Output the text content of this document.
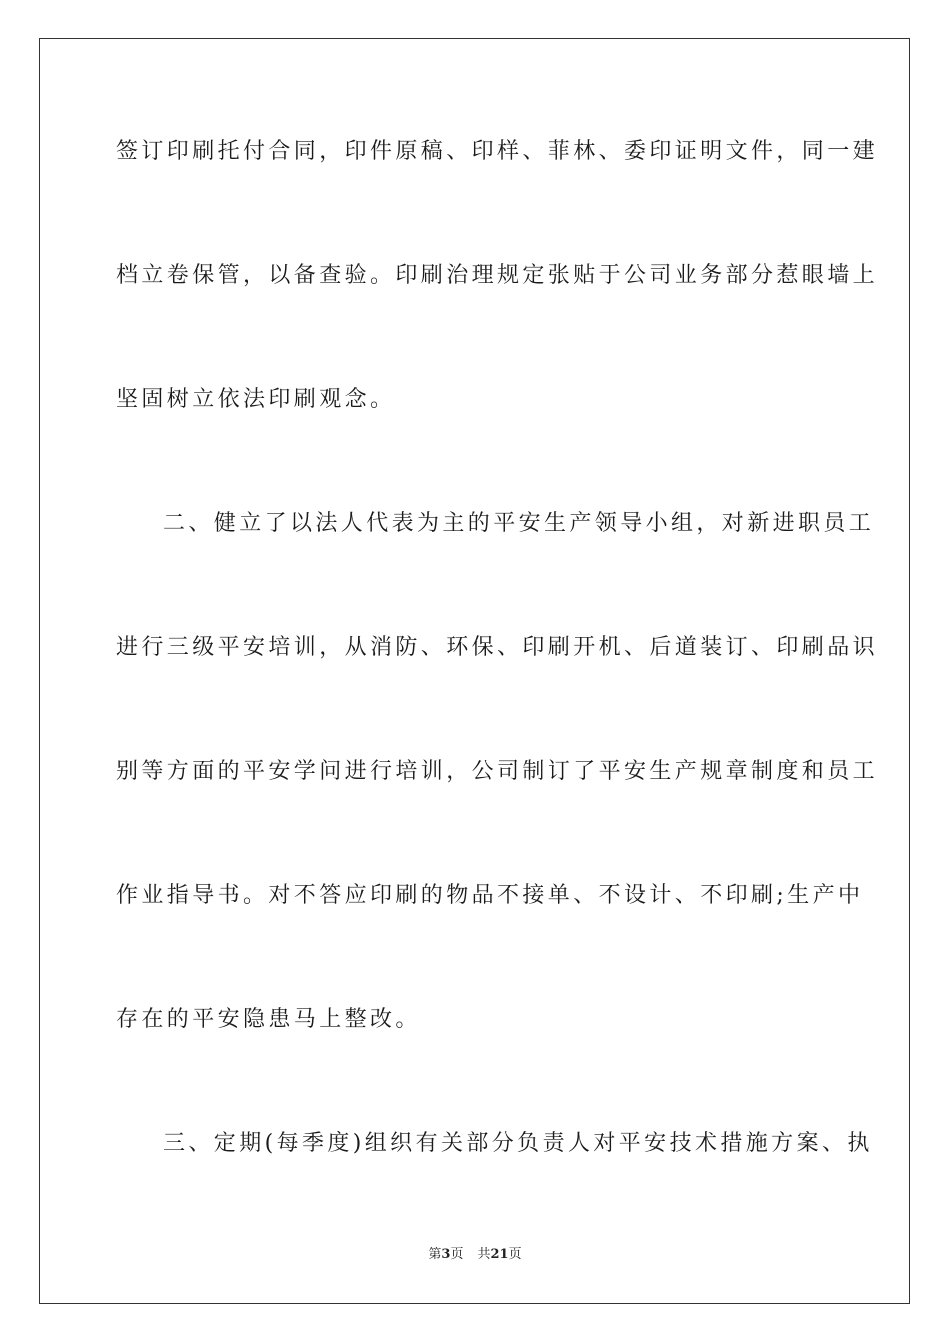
签订印刷托付合同，印件原稿、印样、菲林、委印证明文件，同一建
档立卷保管，以备查验。印刷治理规定张贴于公司业务部分惹眼墙上
坚固树立依法印刷观念。
二、健立了以法人代表为主的平安生产领导小组，对新进职员工
进行三级平安培训，从消防、环保、印刷开机、后道装订、印刷品识
别等方面的平安学问进行培训，公司制订了平安生产规章制度和员工
作业指导书。对不答应印刷的物品不接单、不设计、不印刷;生产中
存在的平安隐患马上整改。
三、定期(每季度)组织有关部分负责人对平安技术措施方案、执
第3页 共21页
